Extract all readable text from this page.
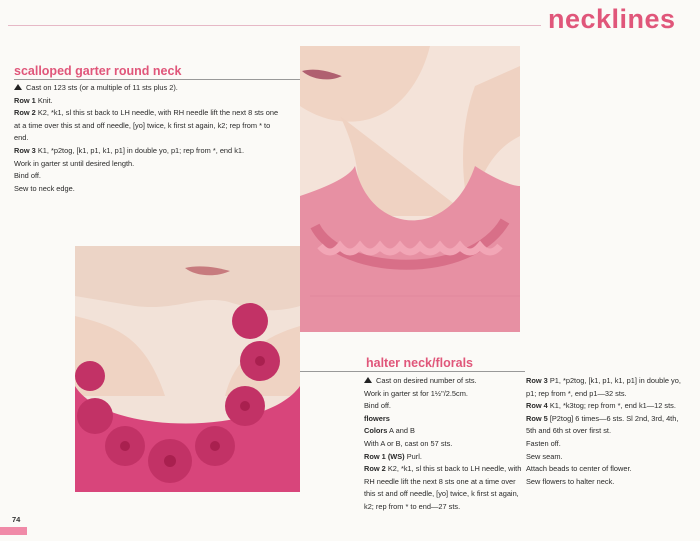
necklines
scalloped garter round neck

Cast on 123 sts (or a multiple of 11 sts plus 2).

Row 1 Knit.

Row 2 K2, *k1, sl this st back to LH needle, with RH needle lift the next 8 sts one at a time over this st and off needle, [yo] twice, k first st again, k2; rep from * to end.

Row 3 K1, *p2tog, [k1, p1, k1, p1] in double yo, p1; rep from *, end k1.

Work in garter st until desired length.

Bind off.

Sew to neck edge.

halter neck/florals

Cast on desired number of sts.

Work in garter st for 1½"/2.5cm.

Bind off.

flowers

Colors A and B

With A or B, cast on 57 sts.

Row 1 (WS) Purl.

Row 2 K2, *k1, sl this st back to LH needle, with RH needle lift the next 8 sts one at a time over this st and off needle, [yo] twice, k first st again, k2; rep from * to end—27 sts.

Row 3 P1, *p2tog, [k1, p1, k1, p1] in double yo, p1; rep from *, end p1—32 sts.

Row 4 K1, *k3tog; rep from *, end k1—12 sts.

Row 5 [P2tog] 6 times—6 sts. Sl 2nd, 3rd, 4th, 5th and 6th st over first st.

Fasten off.

Sew seam.

Attach beads to center of flower.

Sew flowers to halter neck.

74
